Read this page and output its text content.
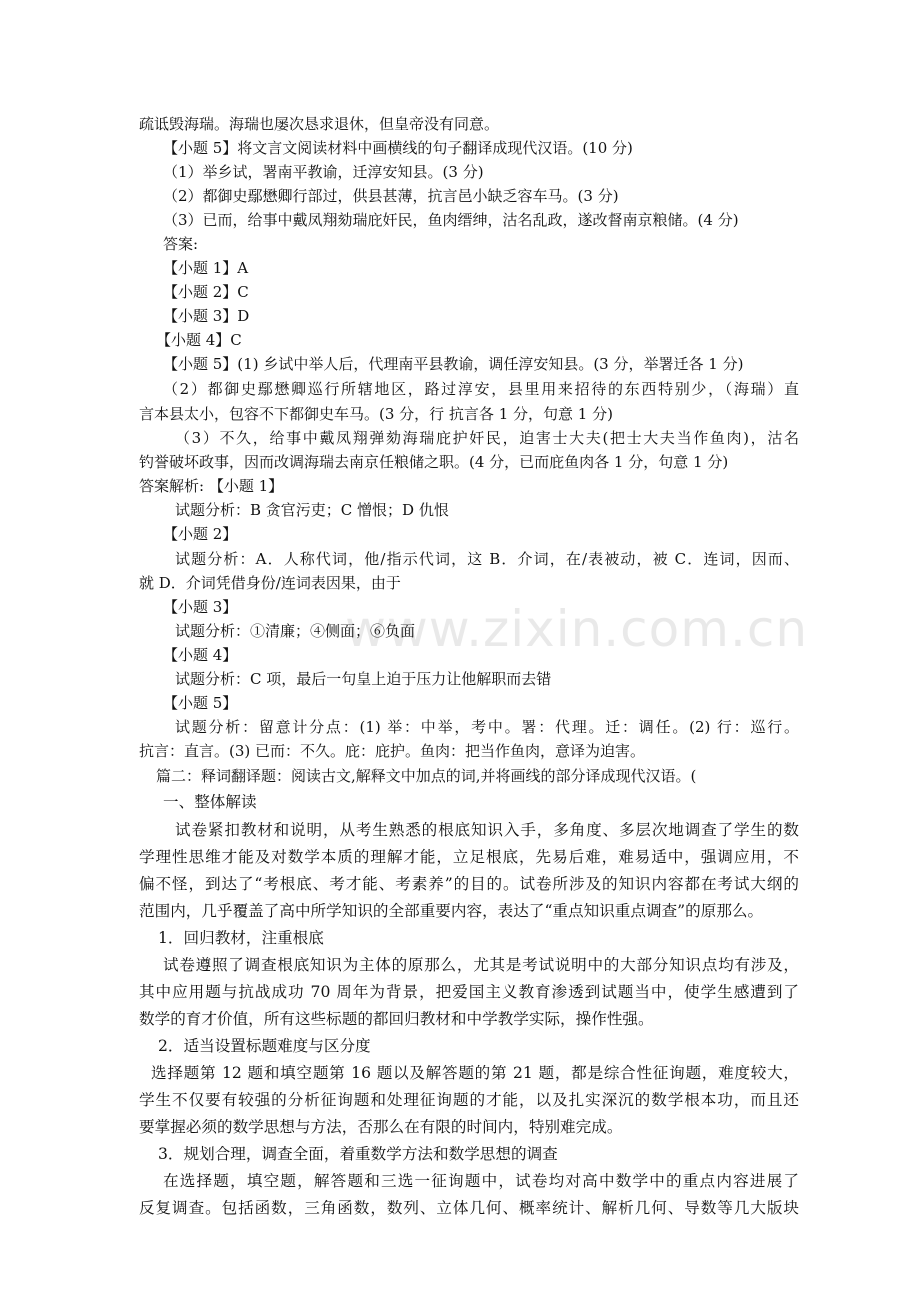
www.zixin.com.cn
疏诋毁海瑞。海瑞也屡次恳求退休，但皇帝没有同意。
【小题 5】将文言文阅读材料中画横线的句子翻译成现代汉语。(10 分)
（1）举乡试，署南平教谕，迁淳安知县。(3 分)
（2）都御史鄢懋卿行部过，供县甚薄，抗言邑小缺乏容车马。(3 分)
（3）已而，给事中戴凤翔劾瑞庇奸民，鱼肉缙绅，沽名乱政，遂改督南京粮储。(4 分)
答案:
【小题 1】A
【小题 2】C
【小题 3】D
【小题 4】C
【小题 5】(1) 乡试中举人后，代理南平县教谕，调任淳安知县。(3 分，举署迁各 1 分)
（2）都御史鄢懋卿巡行所辖地区，路过淳安，县里用来招待的东西特别少，（海瑞）直
言本县太小，包容不下都御史车马。(3 分，行 抗言各 1 分，句意 1 分)
（3）不久，给事中戴凤翔弹劾海瑞庇护奸民，迫害士大夫(把士大夫当作鱼肉)，沽名
钓誉破坏政事，因而改调海瑞去南京任粮储之职。(4 分，已而庇鱼肉各 1 分，句意 1 分)
答案解析: 【小题 1】
试题分析：B 贪官污吏；C 憎恨；D 仇恨
【小题 2】
试题分析：A．人称代词，他/指示代词，这 B．介词，在/表被动，被 C．连词，因而、
就 D．介词凭借身份/连词表因果，由于
【小题 3】
试题分析：①清廉；④侧面；⑥负面
【小题 4】
试题分析：C 项，最后一句皇上迫于压力让他解职而去错
【小题 5】
试题分析：留意计分点：(1) 举：中举，考中。署：代理。迁：调任。(2) 行：巡行。
抗言：直言。(3) 已而：不久。庇：庇护。鱼肉：把当作鱼肉，意译为迫害。
篇二：释词翻译题：阅读古文,解释文中加点的词,并将画线的部分译成现代汉语。(
一、整体解读
试卷紧扣教材和说明，从考生熟悉的根底知识入手，多角度、多层次地调查了学生的数
学理性思维才能及对数学本质的理解才能，立足根底，先易后难，难易适中，强调应用，不
偏不怪，到达了“考根底、考才能、考素养”的目的。试卷所涉及的知识内容都在考试大纲的
范围内，几乎覆盖了高中所学知识的全部重要内容，表达了“重点知识重点调查”的原那么。
1．回归教材，注重根底
试卷遵照了调查根底知识为主体的原那么，尤其是考试说明中的大部分知识点均有涉及，
其中应用题与抗战成功 70 周年为背景，把爱国主义教育渗透到试题当中，使学生感遭到了
数学的育才价值，所有这些标题的都回归教材和中学教学实际，操作性强。
2．适当设置标题难度与区分度
选择题第 12 题和填空题第 16 题以及解答题的第 21 题，都是综合性征询题，难度较大，
学生不仅要有较强的分析征询题和处理征询题的才能，以及扎实深沉的数学根本功，而且还
要掌握必须的数学思想与方法，否那么在有限的时间内，特别难完成。
3．规划合理，调查全面，着重数学方法和数学思想的调查
在选择题，填空题，解答题和三选一征询题中，试卷均对高中数学中的重点内容进展了
反复调查。包括函数，三角函数，数列、立体几何、概率统计、解析几何、导数等几大版块
